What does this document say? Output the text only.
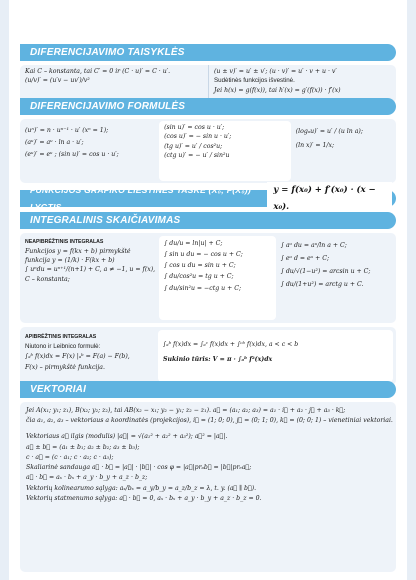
DIFERENCIJAVIMO TAISYKLĖS

Kai C – konstanta, tai C′ = 0 ir (C · u)′ = C · u′.

(u/v)′ = (u′v − uv′)/v²

(u ± v)′ = u′ ± v′; (u · v)′ = u′ · v + u · v′

Sudėtinės funkcijos išvestinė.

Jei h(x) = g(f(x)), tai h′(x) = g′(f(x)) · f′(x)

DIFERENCIJAVIMO FORMULĖS

(uⁿ)′ = n · uⁿ⁻¹ · u′ (xⁿ = 1);

(aᵘ)′ = aᵘ · ln a · u′;

(eᵘ)′ = eᵘ ; (sin u)′ = cos u · u′;

(sin u)′ = cos u · u′;

(cos u)′ = − sin u · u′;

(tg u)′ = u′ / cos²u;

(ctg u)′ = − u′ / sin²u

(logₐu)′ = u′ / (u ln a);

(ln x)′ = 1/x;

FUNKCIJOS GRAFIKO LIESTINĖS TAŠKE (X₀; F(X₀)) LYGTIS
y = f(x₀) + f′(x₀) · (x − x₀).
INTEGRALINIS SKAIČIAVIMAS

NEAPIBRĖŽTINIS INTEGRALAS

Funkcijos y = f(kx + b) pirmykštė

funkcija y = (1/k) · F(kx + b)

∫ uⁿdu = uⁿ⁺¹/(n+1) + C, a ≠ −1, u = f(x),

C – konstanta;

∫ du/u = ln|u| + C;

∫ sin u du = − cos u + C;

∫ cos u du = sin u + C;

∫ du/cos²u = tg u + C;

∫ du/sin²u = −ctg u + C;

∫ aᵘ du = aᵘ/ln a + C;

∫ eᵘ d = eᵘ + C;

∫ du/√(1−u²) = arcsin u + C;

∫ du/(1+u²) = arctg u + C.

APIBRĖŽTINIS INTEGRALAS

Niutono ir Leibnico formulė:

∫ₐᵇ f(x)dx = F(x) |ₐᵇ = F(a) − F(b),

F(x) – pirmykštė funkcija.

∫ₐᵇ f(x)dx = ∫ₐᶜ f(x)dx + ∫ᶜᵇ f(x)dx, a < c < b

Sukinio tūris: V = π · ∫ₐᵇ f²(x)dx

VEKTORIAI

Jei A(x₁; y₁; z₁), B(x₂; y₂; z₂), tai AB(x₂ − x₁; y₂ − y₁; z₂ − z₁). a⃗ = (a₁; a₂; a₃) = a₁ · i⃗ + a₂ · j⃗ + a₃ · k⃗;

čia a₁, a₂, a₃ – vektoriaus a koordinatės (projekcijos), i⃗ = (1; 0; 0), j⃗ = (0; 1; 0), k⃗ = (0; 0; 1) – vienetiniai vektoriai.

Vektoriaus a⃗ ilgis (modulis) |a⃗| = √(a₁² + a₂² + a₃²); a⃗² = |a⃗|.

a⃗ ± b⃗ = (a₁ ± b₁; a₂ ± b₂; a₃ ± b₃);

c · a⃗ = (c · a₁; c · a₂; c · a₃);

Skaliarinė sandauga a⃗ · b⃗ = |a⃗| · |b⃗| · cos φ = |a⃗|prₐb⃗ = |b⃗|prₑa⃗;

a⃗ · b⃗ = aₓ · bₓ + a_y · b_y + a_z · b_z;

Vektorių kolinearumo sąlyga: aₓ/bₓ = a_y/b_y = a_z/b_z = λ, t. y. (a⃗ ∥ b⃗).

Vektorių statmenumo sąlyga: a⃗ · b⃗ = 0, aₓ · bₓ + a_y · b_y + a_z · b_z = 0.
